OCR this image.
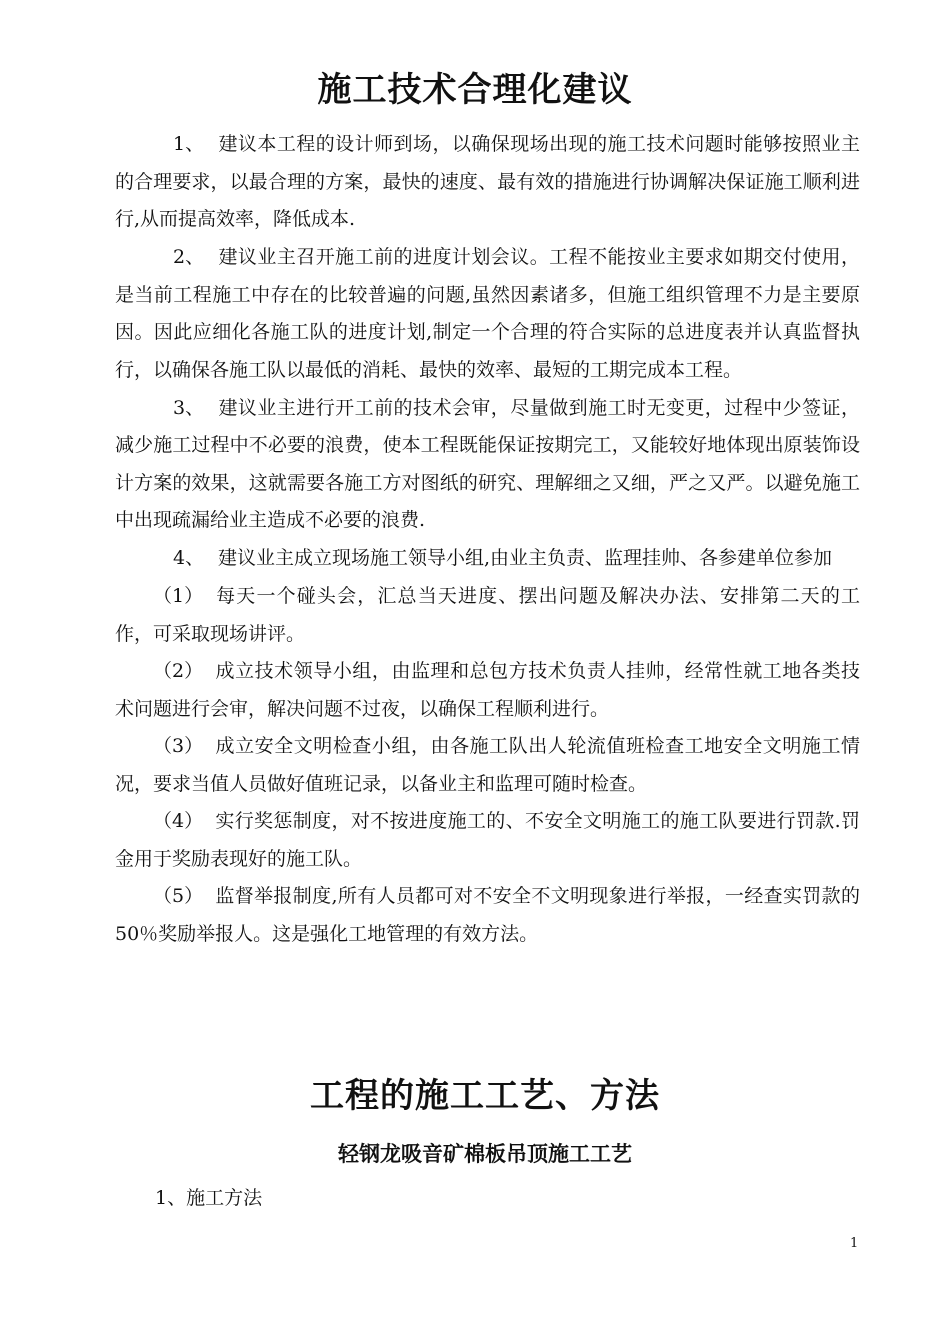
施工技术合理化建议

1、 建议本工程的设计师到场，以确保现场出现的施工技术问题时能够按照业主的合理要求，以最合理的方案，最快的速度、最有效的措施进行协调解决保证施工顺利进行,从而提高效率，降低成本.

2、 建议业主召开施工前的进度计划会议。工程不能按业主要求如期交付使用，是当前工程施工中存在的比较普遍的问题,虽然因素诸多，但施工组织管理不力是主要原因。因此应细化各施工队的进度计划,制定一个合理的符合实际的总进度表并认真监督执行，以确保各施工队以最低的消耗、最快的效率、最短的工期完成本工程。

3、 建议业主进行开工前的技术会审，尽量做到施工时无变更，过程中少签证，减少施工过程中不必要的浪费，使本工程既能保证按期完工，又能较好地体现出原装饰设计方案的效果，这就需要各施工方对图纸的研究、理解细之又细，严之又严。以避免施工中出现疏漏给业主造成不必要的浪费.

4、 建议业主成立现场施工领导小组,由业主负责、监理挂帅、各参建单位参加

（1） 每天一个碰头会，汇总当天进度、摆出问题及解决办法、安排第二天的工作，可采取现场讲评。

（2） 成立技术领导小组，由监理和总包方技术负责人挂帅，经常性就工地各类技术问题进行会审，解决问题不过夜，以确保工程顺利进行。

（3） 成立安全文明检查小组，由各施工队出人轮流值班检查工地安全文明施工情况，要求当值人员做好值班记录，以备业主和监理可随时检查。

（4） 实行奖惩制度，对不按进度施工的、不安全文明施工的施工队要进行罚款.罚金用于奖励表现好的施工队。

（5） 监督举报制度,所有人员都可对不安全不文明现象进行举报，一经查实罚款的 50％奖励举报人。这是强化工地管理的有效方法。

工程的施工工艺、方法
轻钢龙吸音矿棉板吊顶施工工艺
1、施工方法
1
